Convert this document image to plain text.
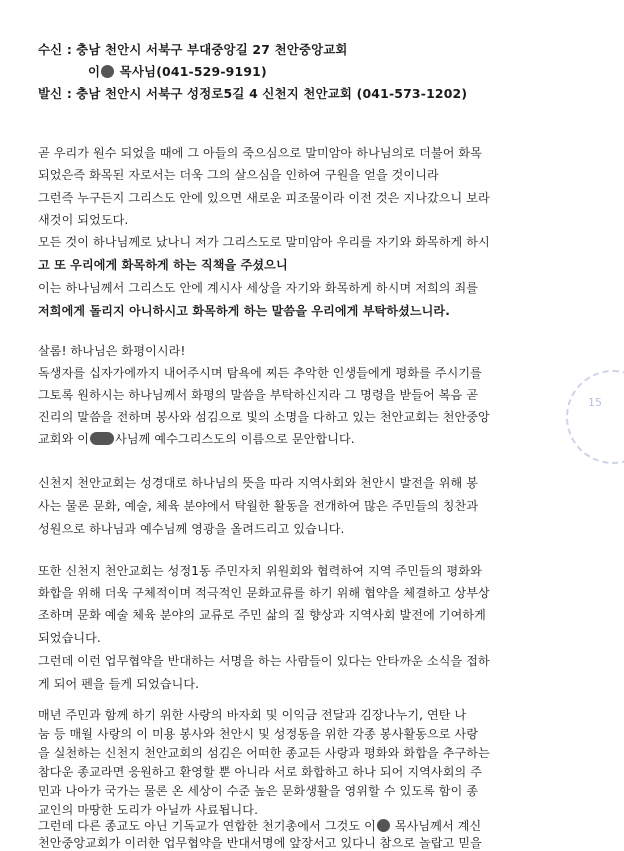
수신 : 충남 천안시 서북구 부대중앙길 27 천안중앙교회
이 목사님(041-529-9191)
발신 : 충남 천안시 서북구 성정로5길 4 신천지 천안교회 (041-573-1202)
곧 우리가 원수 되었을 때에 그 아들의 죽으심으로 말미암아 하나님의로 더불어 화목
되었은즉 화목된 자로서는 더욱 그의 살으심을 인하여 구원을 얻을 것이니라
그런즉 누구든지 그리스도 안에 있으면 새로운 피조물이라 이전 것은 지나갔으니 보라
새것이 되었도다.
모든 것이 하나님께로 났나니 저가 그리스도로 말미암아 우리를 자기와 화목하게 하시
고 또 우리에게 화목하게 하는 직책을 주셨으니
이는 하나님께서 그리스도 안에 계시사 세상을 자기와 화목하게 하시며 저희의 죄를
저희에게 돌리지 아니하시고 화목하게 하는 말씀을 우리에게 부탁하셨느니라.
살롬! 하나님은 화평이시라!
독생자를 십자가에까지 내어주시며 탐욕에 찌든 추악한 인생들에게 평화를 주시기를
그토록 원하시는 하나님께서 화평의 말씀을 부탁하신지라 그 명령을 받들어 복음 곧
진리의 말씀을 전하며 봉사와 섬김으로 빛의 소명을 다하고 있는 천안교회는 천안중앙
교회와 이 사님께 예수그리스도의 이름으로 문안합니다.
신천지 천안교회는 성경대로 하나님의 뜻을 따라 지역사회와 천안시 발전을 위해 봉
사는 물론 문화, 예술, 체육 분야에서 탁월한 활동을 전개하여 많은 주민들의 칭찬과
성원으로 하나님과 예수님께 영광을 올려드리고 있습니다.
또한 신천지 천안교회는 성정1동 주민자치 위원회와 협력하여 지역 주민들의 평화와
화합을 위해 더욱 구체적이며 적극적인 문화교류를 하기 위해 협약을 체결하고 상부상
조하며 문화 예술 체육 분야의 교류로 주민 삶의 질 향상과 지역사회 발전에 기여하게
되었습니다.
그런데 이런 업무협약을 반대하는 서명을 하는 사람들이 있다는 안타까운 소식을 접하
게 되어 펜을 들게 되었습니다.
매년 주민과 함께 하기 위한 사랑의 바자회 및 이익금 전달과 김장나누기, 연탄 나
눔 등 매월 사랑의 이 미용 봉사와 천안시 및 성정동을 위한 각종 봉사활동으로 사랑
을 실천하는 신천지 천안교회의 섬김은 어떠한 종교든 사랑과 평화와 화합을 추구하는
참다운 종교라면 응원하고 환영할 뿐 아니라 서로 화합하고 하나 되어 지역사회의 주
민과 나아가 국가는 물론 온 세상이 수준 높은 문화생활을 영위할 수 있도록 함이 종
교인의 마땅한 도리가 아닐까 사료됩니다.
그런데 다른 종교도 아닌 기독교가 연합한 천기총에서 그것도 이 목사님께서 계신
천안중앙교회가 이러한 업무협약을 반대서명에 앞장서고 있다니 참으로 놀랍고 믿을
15
